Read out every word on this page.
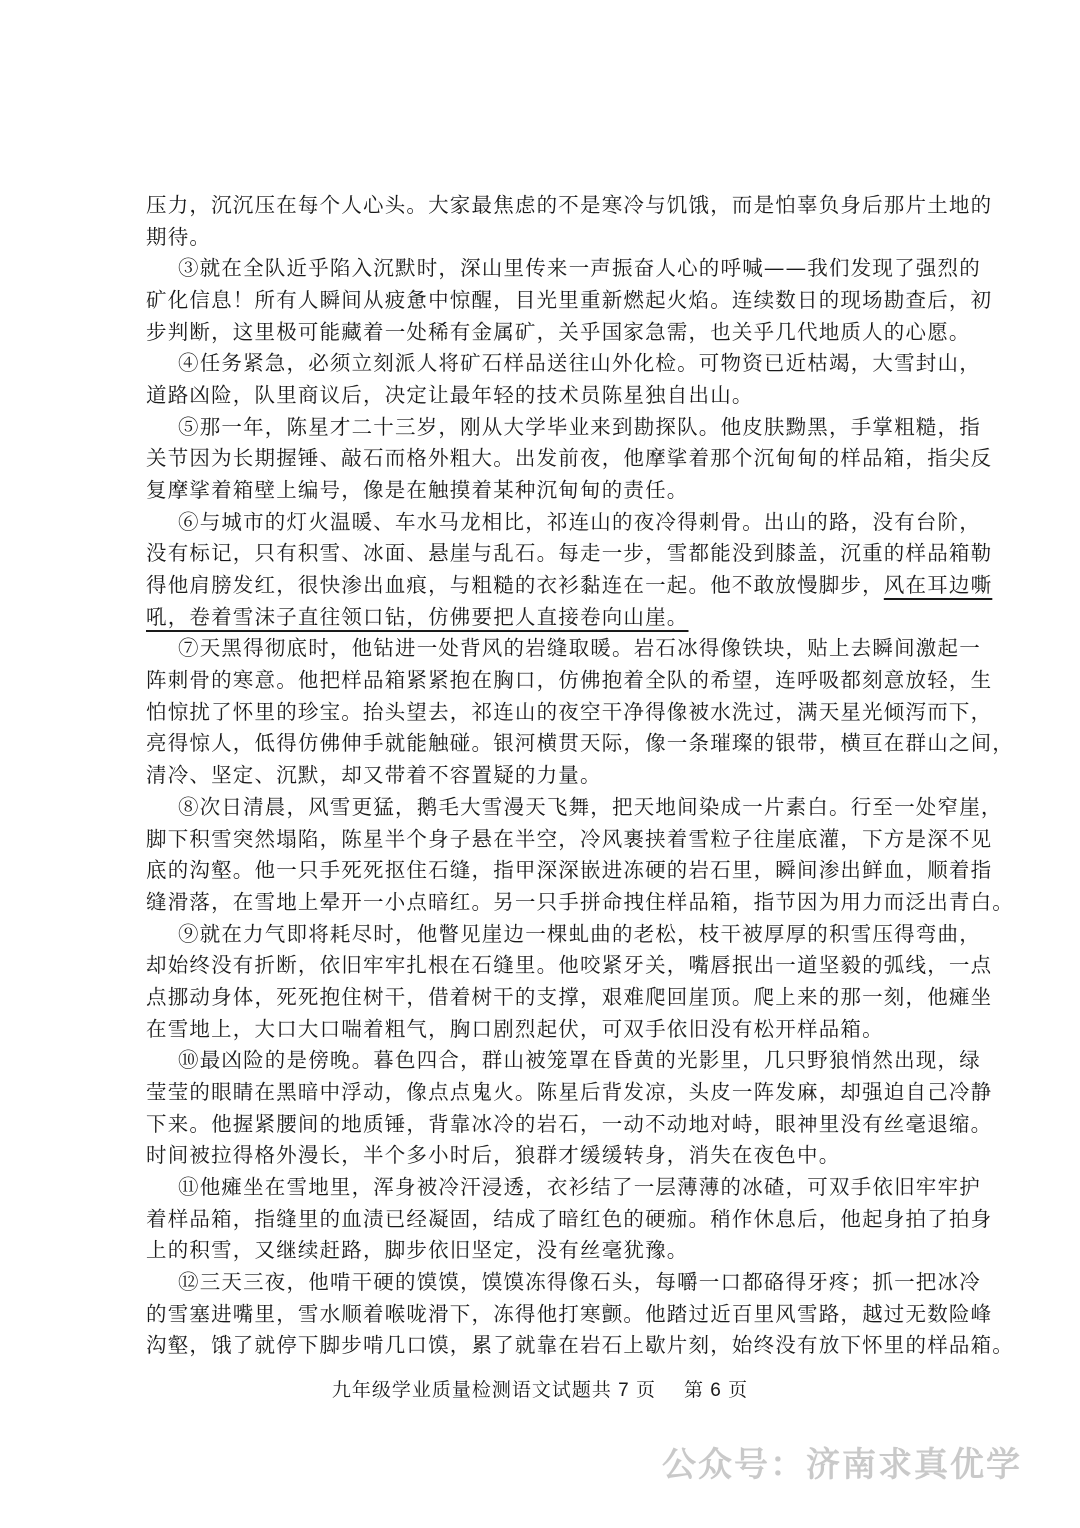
压力，沉沉压在每个人心头。大家最焦虑的不是寒冷与饥饿，而是怕辜负身后那片土地的
期待。
③就在全队近乎陷入沉默时，深山里传来一声振奋人心的呼喊——我们发现了强烈的
矿化信息！所有人瞬间从疲惫中惊醒，目光里重新燃起火焰。连续数日的现场勘查后，初
步判断，这里极可能藏着一处稀有金属矿，关乎国家急需，也关乎几代地质人的心愿。
④任务紧急，必须立刻派人将矿石样品送往山外化检。可物资已近枯竭，大雪封山，
道路凶险，队里商议后，决定让最年轻的技术员陈星独自出山。
⑤那一年，陈星才二十三岁，刚从大学毕业来到勘探队。他皮肤黝黑，手掌粗糙，指
关节因为长期握锤、敲石而格外粗大。出发前夜，他摩挲着那个沉甸甸的样品箱，指尖反
复摩挲着箱壁上编号，像是在触摸着某种沉甸甸的责任。
⑥与城市的灯火温暖、车水马龙相比，祁连山的夜冷得刺骨。出山的路，没有台阶，
没有标记，只有积雪、冰面、悬崖与乱石。每走一步，雪都能没到膝盖，沉重的样品箱勒
得他肩膀发红，很快渗出血痕，与粗糙的衣衫黏连在一起。他不敢放慢脚步，风在耳边嘶
吼，卷着雪沫子直往领口钻，仿佛要把人直接卷向山崖。
⑦天黑得彻底时，他钻进一处背风的岩缝取暖。岩石冰得像铁块，贴上去瞬间激起一
阵刺骨的寒意。他把样品箱紧紧抱在胸口，仿佛抱着全队的希望，连呼吸都刻意放轻，生
怕惊扰了怀里的珍宝。抬头望去，祁连山的夜空干净得像被水洗过，满天星光倾泻而下，
亮得惊人，低得仿佛伸手就能触碰。银河横贯天际，像一条璀璨的银带，横亘在群山之间，
清冷、坚定、沉默，却又带着不容置疑的力量。
⑧次日清晨，风雪更猛，鹅毛大雪漫天飞舞，把天地间染成一片素白。行至一处窄崖，
脚下积雪突然塌陷，陈星半个身子悬在半空，冷风裹挟着雪粒子往崖底灌，下方是深不见
底的沟壑。他一只手死死抠住石缝，指甲深深嵌进冻硬的岩石里，瞬间渗出鲜血，顺着指
缝滑落，在雪地上晕开一小点暗红。另一只手拼命拽住样品箱，指节因为用力而泛出青白。
⑨就在力气即将耗尽时，他瞥见崖边一棵虬曲的老松，枝干被厚厚的积雪压得弯曲，
却始终没有折断，依旧牢牢扎根在石缝里。他咬紧牙关，嘴唇抿出一道坚毅的弧线，一点
点挪动身体，死死抱住树干，借着树干的支撑，艰难爬回崖顶。爬上来的那一刻，他瘫坐
在雪地上，大口大口喘着粗气，胸口剧烈起伏，可双手依旧没有松开样品箱。
⑩最凶险的是傍晚。暮色四合，群山被笼罩在昏黄的光影里，几只野狼悄然出现，绿
莹莹的眼睛在黑暗中浮动，像点点鬼火。陈星后背发凉，头皮一阵发麻，却强迫自己冷静
下来。他握紧腰间的地质锤，背靠冰冷的岩石，一动不动地对峙，眼神里没有丝毫退缩。
时间被拉得格外漫长，半个多小时后，狼群才缓缓转身，消失在夜色中。
⑪他瘫坐在雪地里，浑身被冷汗浸透，衣衫结了一层薄薄的冰碴，可双手依旧牢牢护
着样品箱，指缝里的血渍已经凝固，结成了暗红色的硬痂。稍作休息后，他起身拍了拍身
上的积雪，又继续赶路，脚步依旧坚定，没有丝毫犹豫。
⑫三天三夜，他啃干硬的馍馍，馍馍冻得像石头，每嚼一口都硌得牙疼；抓一把冰冷
的雪塞进嘴里，雪水顺着喉咙滑下，冻得他打寒颤。他踏过近百里风雪路，越过无数险峰
沟壑，饿了就停下脚步啃几口馍，累了就靠在岩石上歇片刻，始终没有放下怀里的样品箱。
九年级学业质量检测语文试题共 7 页 第 6 页
公众号：济南求真优学
